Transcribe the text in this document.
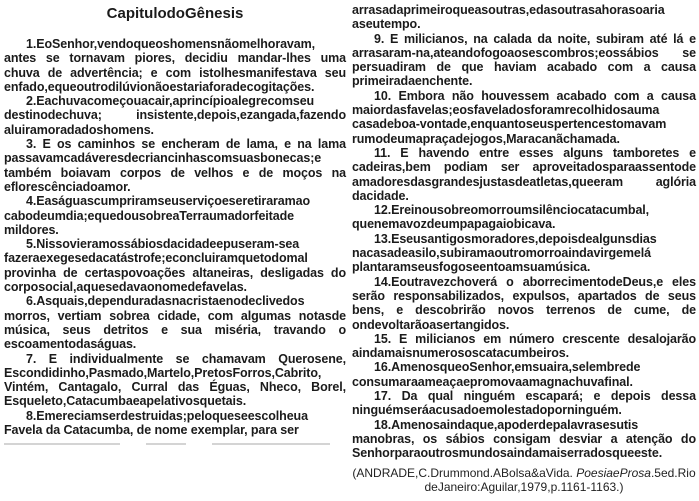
CapitulodoGênesis

1.EoSenhor,vendoqueoshomensnãomelhoravam, antes se tornavam piores, decidiu mandar-lhes uma chuva de advertência; e com istolhesmanifestava seu enfado,equeoutrodilúvionãoestariaforadecogitações.

2.Eachuvacomeçouacair,aprincípioalegrecomseu destinodechuva; insistente,depois,ezangada,fazendo aluiramoradadoshomens.

3. E os caminhos se encheram de lama, e na lama passavamcadáveresdecriancinhascomsuasbonecas;e também boiavam corpos de velhos e de moços na eflorescênciadoamor.

4.Easáguascumpriramseuserviçoeseretiraramao cabodeumdia;equedousobreaTerraumadorfeitade mildores.

5.Nissovieramossábiosdacidadeepuseram-sea fazeraexegesedacatástrofe;econcluiramquetodomal provinha de certaspovoações altaneiras, desligadas do corposocial,aquesedavaonomedefavelas.

6.Asquais,dependuradasnacristaenodeclivedos morros, vertiam sobrea cidade, com algumas notasde música, seus detritos e sua miséria, travando o escoamentodaságuas.

7. E individualmente se chamavam Querosene, Escondidinho,Pasmado,Martelo,PretosForros,Cabrito, Vintém, Cantagalo, Curral das Éguas, Nheco, Borel, Esqueleto,Catacumbaeapelativosquetais.

8.Emereciamserdestruidas;peloqueseescolheua Favela da Catacumba, de nome exemplar, para ser

arrasadaprimeiroqueasoutras,edasoutrasahorasoaria aseutempo.

9. E milicianos, na calada da noite, subiram até lá e arrasaram-na,ateandofogoaosescombros;eossábios se persuadiram de que haviam acabado com a causa primeiradaenchente.

10. Embora não houvessem acabado com a causa maiordasfavelas;eosfaveladosforamrecolhidosauma casadeboa-vontade,enquantoseuspertencestomavam rumodeumapraçadejogos,Maracanãchamada.

11. E havendo entre esses alguns tamboretes e cadeiras,bem podiam ser aproveitadosparaassentode amadoresdasgrandesjustasdeatletas,queeram aglória dacidade.

12.Ereinousobreomorroumsilênciocatacumbal, quenemavozdeumpapagaiobicava.

13.Eseusantigosmoradores,depoisdealgunsdias nacasadeasilo,subiramaoutromorroaindavirgemelá plantaramseusfogoseentoamsuamúsica.

14.Eoutravezchoverá o aborrecimentodeDeus,e eles serão responsabilizados, expulsos, apartados de seus bens, e descobrirão novos terrenos de cume, de ondevoltarãoasertangidos.

15. E milicianos em número crescente desalojarão aindamaisnumerososcatacumbeiros.

16.AmenosqueoSenhor,emsuaira,selembrede consumaraameaçaepromovaamagnachuvafinal.

17. Da qual ninguém escapará; e depois dessa ninguémseráacusadoemolestadoporninguém.

18.Amenosaindaque,apoderdepalavrasesutis manobras, os sábios consigam desviar a atenção do Senhorparaoutrosmundosaindamaiserradosqueeste.

(ANDRADE,C.Drummond.ABolsa&aVida. PoesiaeProsa.5ed.Rio deJaneiro:Aguilar,1979,p.1161-1163.)
